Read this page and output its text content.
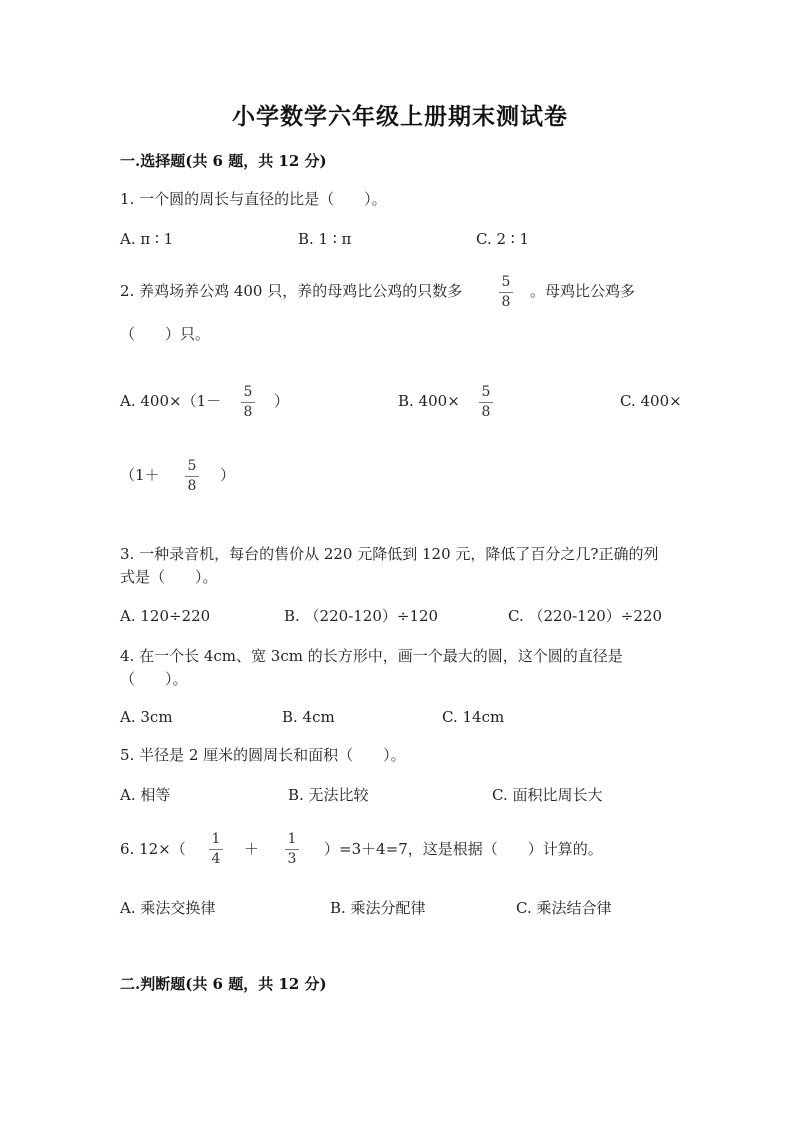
小学数学六年级上册期末测试卷
一.选择题(共 6 题，共 12 分)
1. 一个圆的周长与直径的比是（　　）。
A. π ∶ 1	B. 1 ∶ π	C. 2 ∶ 1
2. 养鸡场养公鸡 400 只，养的母鸡比公鸡的只数多	5
8
。母鸡比公鸡多
（　　）只。
A. 400×（1－	5
8
）	B. 400×	5
8
C. 400×
（1＋	5
8
）
3. 一种录音机，每台的售价从 220 元降低到 120 元，降低了百分之几?正确的列
式是（　　）。
A. 120÷220	B. （220-120）÷120	C. （220-120）÷220
4. 在一个长 4cm、宽 3cm 的长方形中，画一个最大的圆，这个圆的直径是
（　　）。
A. 3cm	B. 4cm	C. 14cm
5. 半径是 2 厘米的圆周长和面积（　　）。
A. 相等	B. 无法比较	C. 面积比周长大
6. 12×（
1
4
＋
1
3
）=3＋4=7，这是根据（　　）计算的。
A. 乘法交换律	B. 乘法分配律	C. 乘法结合律
二.判断题(共 6 题，共 12 分)
